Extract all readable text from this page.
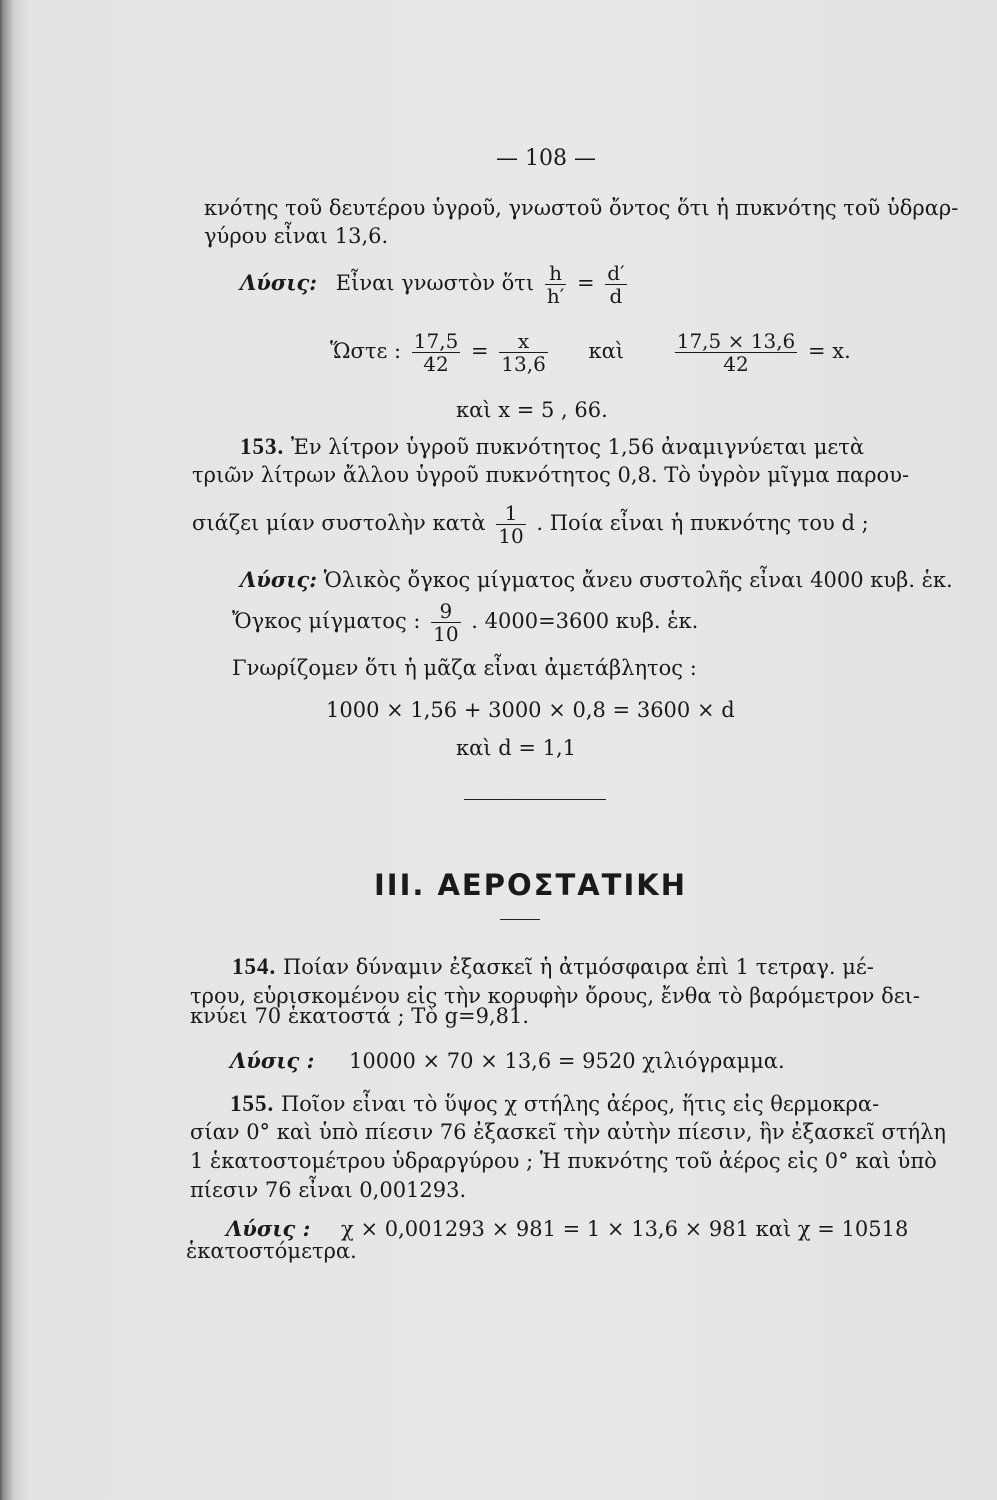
— 108 —
κνότης τοῦ δευτέρου ὑγροῦ, γνωστοῦ ὄντος ὅτι ἡ πυκνότης τοῦ ὑδραρ-
γύρου εἶναι 13,6.
Λύσις: Εἶναι γνωστὸν ὅτι $\frac{h}{h'} = \frac{d'}{d}$
Ὥστε : $\frac{17,5}{42} = \frac{x}{13,6}$ καὶ	$\frac{17,5 \times 13,6}{42} = x$.
καὶ x = 5 , 66.
153. Ἐν λίτρον ὑγροῦ πυκνότητος 1,56 ἀναμιγνύεται μετὰ
τριῶν λίτρων ἄλλου ὑγροῦ πυκνότητος 0,8. Τὸ ὑγρὸν μῖγμα παρου-
σιάζει μίαν συστολὴν κατὰ $\frac{1}{10}$ . Ποία εἶναι ἡ πυκνότης του d ;
Λύσις: Ὁλικὸς ὄγκος μίγματος ἄνευ συστολῆς εἶναι 4000 κυβ. ἑκ.
Ὄγκος μίγματος : $\frac{9}{10}$ . 4000=3600 κυβ. ἑκ.
Γνωρίζομεν ὅτι ἡ μᾶζα εἶναι ἀμετάβλητος :
1000 × 1,56 + 3000 × 0,8 = 3600 × d
καὶ d = 1,1
III. ΑΕΡΟΣΤΑΤΙΚΗ
154. Ποίαν δύναμιν ἐξασκεῖ ἡ ἀτμόσφαιρα ἐπὶ 1 τετραγ. μέ-
τρου, εὑρισκομένου εἰς τὴν κορυφὴν ὄρους, ἔνθα τὸ βαρόμετρον δει-
κνύει 70 ἑκατοστά ; Τὸ g=9,81.
Λύσις : 10000 × 70 × 13,6 = 9520 χιλιόγραμμα.
155. Ποῖον εἶναι τὸ ὕψος χ στήλης ἀέρος, ἥτις εἰς θερμοκρα-
σίαν 0° καὶ ὑπὸ πίεσιν 76 ἐξασκεῖ τὴν αὐτὴν πίεσιν, ἣν ἐξασκεῖ στήλη
1 ἑκατοστομέτρου ὑδραργύρου ; Ἡ πυκνότης τοῦ ἀέρος εἰς 0° καὶ ὑπὸ
πίεσιν 76 εἶναι 0,001293.
Λύσις : χ × 0,001293 × 981 = 1 × 13,6 × 981 καὶ χ = 10518
ἑκατοστόμετρα.
